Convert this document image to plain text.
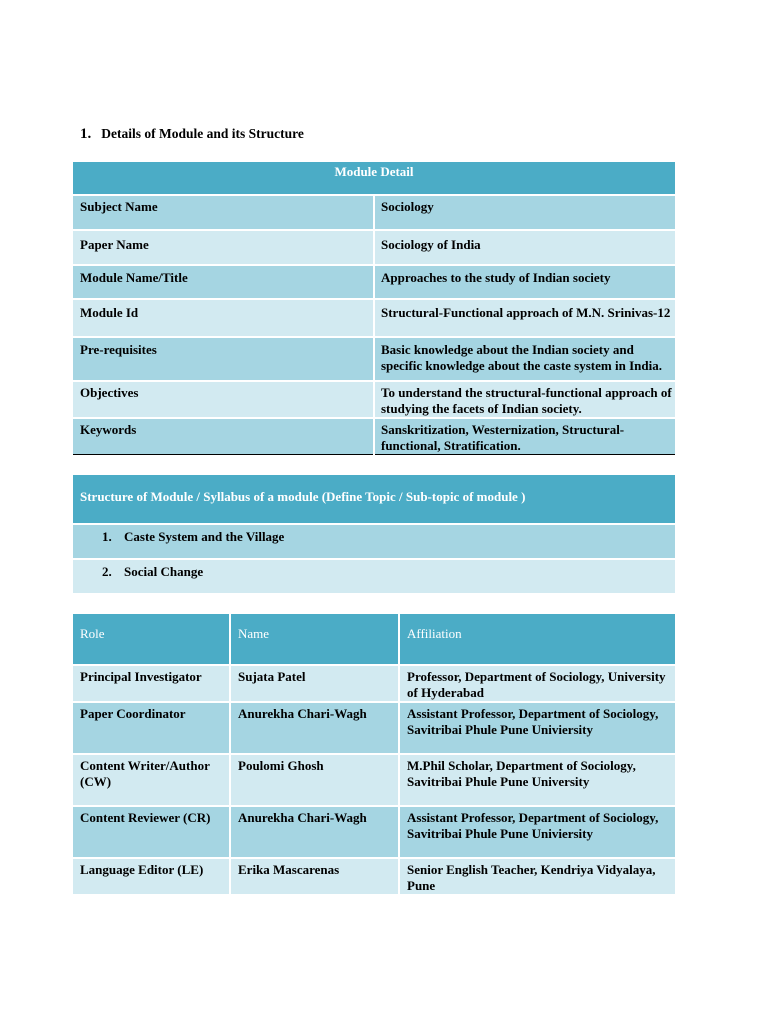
1. Details of Module and its Structure
Module Detail	
Subject Name	Sociology
Paper Name	Sociology of India
Module Name/Title	Approaches to the study of Indian society
Module Id	Structural-Functional approach of M.N. Srinivas-12
Pre-requisites	Basic knowledge about the Indian society and specific knowledge about the caste system in India.
Objectives	To understand the structural-functional approach of studying the facets of Indian society.
Keywords	Sanskritization, Westernization, Structural-functional, Stratification.
Structure of Module / Syllabus of a module (Define Topic / Sub-topic of module )
1. Caste System and the Village
2. Social Change
Role	Name	Affiliation
Principal Investigator	Sujata Patel	Professor, Department of Sociology, University of Hyderabad
Paper Coordinator	Anurekha Chari-Wagh	Assistant Professor, Department of Sociology, Savitribai Phule Pune Univiersity
Content Writer/Author (CW)	Poulomi Ghosh	M.Phil Scholar, Department of Sociology, Savitribai Phule Pune University
Content Reviewer (CR)	Anurekha Chari-Wagh	Assistant Professor, Department of Sociology, Savitribai Phule Pune Univiersity
Language Editor (LE)	Erika Mascarenas	Senior English Teacher, Kendriya Vidyalaya, Pune
